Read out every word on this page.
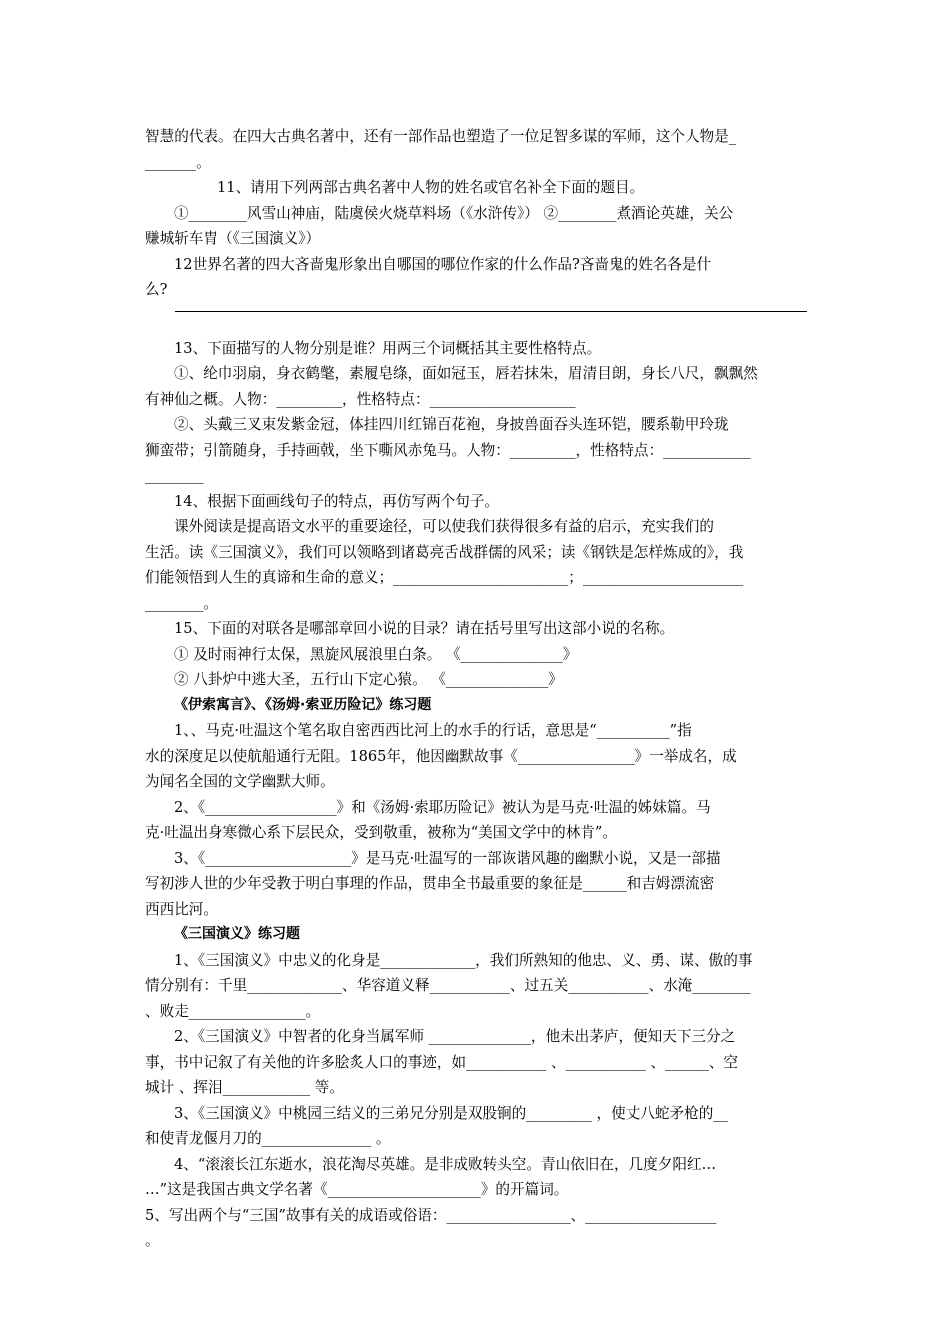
智慧的代表。在四大古典名著中，还有一部作品也塑造了一位足智多谋的军师，这个人物是_
_______。
11、请用下列两部古典名著中人物的姓名或官名补全下面的题目。
①________风雪山神庙，陆虞侯火烧草料场（《水浒传》） ②________煮酒论英雄，关公
赚城斩车胄（《三国演义》）
12世界名著的四大吝啬鬼形象出自哪国的哪位作家的什么作品?吝啬鬼的姓名各是什
么?
13、下面描写的人物分别是谁？用两三个词概括其主要性格特点。
①、纶巾羽扇，身衣鹤氅，素履皂绦，面如冠玉，唇若抹朱，眉清目朗，身长八尺，飘飘然
有神仙之概。人物：_________，性格特点：____________________
②、头戴三叉束发紫金冠，体挂四川红锦百花袍，身披兽面吞头连环铠，腰系勒甲玲珑
狮蛮带；引箭随身，手持画戟，坐下嘶风赤兔马。人物：_________，性格特点：____________
________
14、根据下面画线句子的特点，再仿写两个句子。
课外阅读是提高语文水平的重要途径，可以使我们获得很多有益的启示，充实我们的
生活。读《三国演义》，我们可以领略到诸葛亮舌战群儒的风采；读《钢铁是怎样炼成的》，我
们能领悟到人生的真谛和生命的意义；________________________；______________________
________。
15、下面的对联各是哪部章回小说的目录？请在括号里写出这部小说的名称。
① 及时雨神行太保，黑旋风展浪里白条。 《______________》
② 八卦炉中逃大圣，五行山下定心猿。 《______________》
《伊索寓言》、《汤姆·索亚历险记》练习题
1、、马克·吐温这个笔名取自密西西比河上的水手的行话，意思是“__________”指
水的深度足以使航船通行无阻。1865年，他因幽默故事《________________》一举成名，成
为闻名全国的文学幽默大师。
2、《__________________》和《汤姆·索耶历险记》被认为是马克·吐温的姊妹篇。马
克·吐温出身寒微心系下层民众，受到敬重，被称为“美国文学中的林肯”。
3、《____________________》是马克·吐温写的一部诙谐风趣的幽默小说，又是一部描
写初涉人世的少年受教于明白事理的作品，贯串全书最重要的象征是______和吉姆漂流密
西西比河。
《三国演义》练习题
1、《三国演义》中忠义的化身是_____________，我们所熟知的他忠、义、勇、谋、傲的事
情分别有：千里_____________、华容道义释___________、过五关___________、水淹________
、败走________________。
2、《三国演义》中智者的化身当属军师 ______________，他未出茅庐，便知天下三分之
事，书中记叙了有关他的许多脍炙人口的事迹，如___________ 、___________ 、______、空
城计 、挥泪____________ 等。
3、《三国演义》中桃园三结义的三弟兄分别是双股锏的_________ ，使丈八蛇矛枪的__
和使青龙偃月刀的_______________ 。
4、“滚滚长江东逝水，浪花淘尽英雄。是非成败转头空。青山依旧在，几度夕阳红…
…”这是我国古典文学名著《_____________________》的开篇词。
5、写出两个与“三国”故事有关的成语或俗语：_________________、__________________
。
